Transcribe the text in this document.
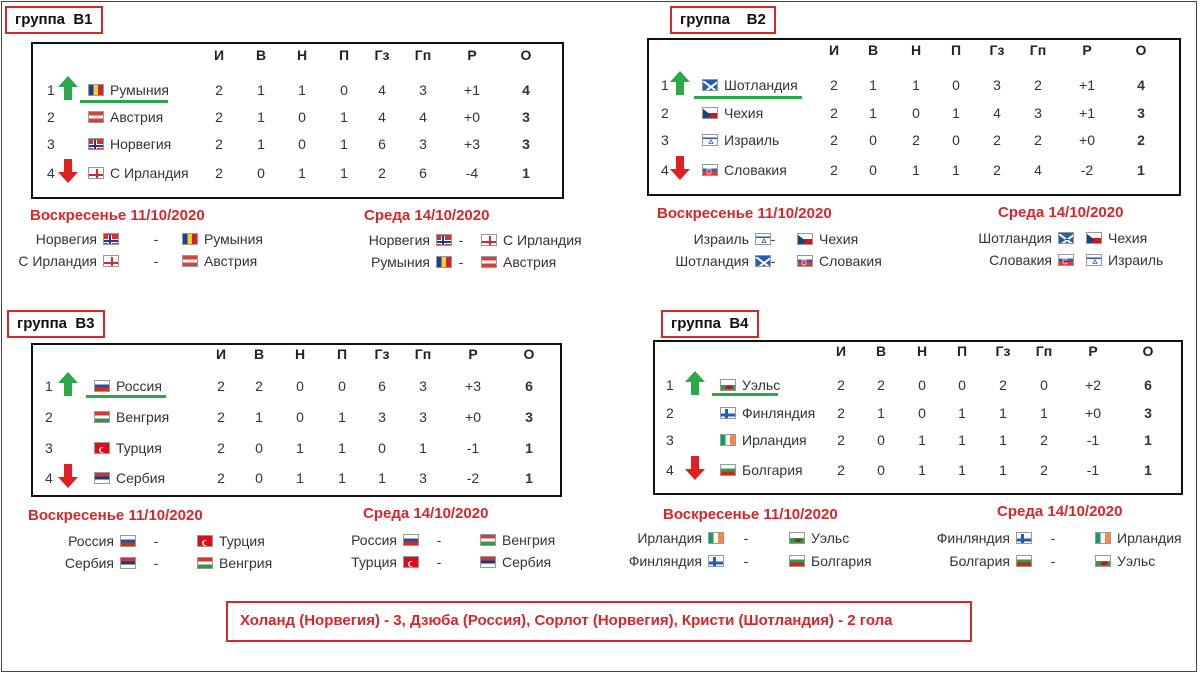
группа  В1	группа    В2
группа  В3	группа  В4
И	В	Н	П	Гз	Гп	Р	О
1	Румыния	2	1	1	0	4	3	+1	4
2	Австрия	2	1	0	1	4	4	+0	3
3	Норвегия	2	1	0	1	6	3	+3	3
4	С Ирландия	2	0	1	1	2	6	-4	1
Воскресенье 11/10/2020	Среда 14/10/2020
Норвегия	-	Румыния
С Ирландия	-	Австрия
Норвегия -	С Ирландия
Румыния -	Австрия
И	В	Н	П	Гз	Гп	Р	О
1	Шотландия	2	1	1	0	3	2	+1	4
2	Чехия	2	1	0	1	4	3	+1	3
3	Израиль	2	0	2	0	2	2	+0	2
4	Словакия	2	0	1	1	2	4	-2	1
Воскресенье 11/10/2020	Среда 14/10/2020
Израиль -	Чехия
Шотландия -	Словакия
Шотландия -	Чехия
Словакия -	Израиль
И	В	Н	П	Гз	Гп	Р	О
1	Россия	2	2	0	0	6	3	+3	6
2	Венгрия	2	1	0	1	3	3	+0	3
3	Турция	2	0	1	1	0	1	-1	1
4	Сербия	2	0	1	1	1	3	-2	1
Воскресенье 11/10/2020	Среда 14/10/2020
Россия	-	Турция
Сербия	-	Венгрия
Россия	-	Венгрия
Турция	-	Сербия
И	В	Н	П	Гз	Гп	Р	О
1	Уэльс	2	2	0	0	2	0	+2	6
2	Финляндия	2	1	0	1	1	1	+0	3
3	Ирландия	2	0	1	1	1	2	-1	1
4	Болгария	2	0	1	1	1	2	-1	1
Воскресенье 11/10/2020	Среда 14/10/2020
Ирландия	-	Уэльс
Финляндия	-	Болгария
Финляндия	-	Ирландия
Болгария	-	Уэльс
Холанд (Норвегия) - 3, Дзюба (Россия), Сорлот (Норвегия), Кристи (Шотландия) - 2 гола
